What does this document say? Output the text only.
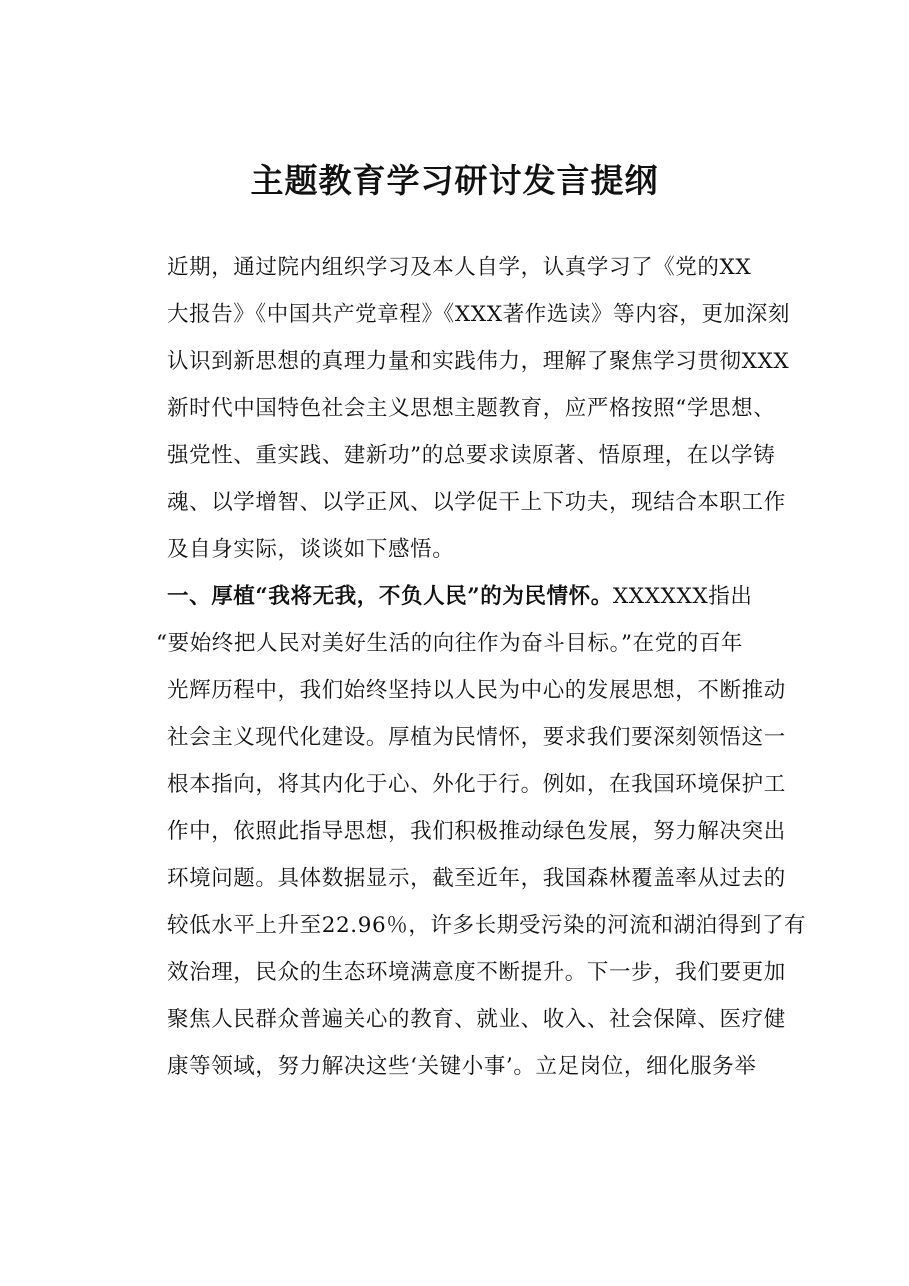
主题教育学习研讨发言提纲
近期，通过院内组织学习及本人自学，认真学习了《党的XX
大报告》《中国共产党章程》《XXX著作选读》等内容，更加深刻
认识到新思想的真理力量和实践伟力，理解了聚焦学习贯彻XXX
新时代中国特色社会主义思想主题教育，应严格按照“学思想、
强党性、重实践、建新功”的总要求读原著、悟原理，在以学铸
魂、以学增智、以学正风、以学促干上下功夫，现结合本职工作
及自身实际，谈谈如下感悟。
一、厚植“我将无我，不负人民”的为民情怀。XXXXXX指出
“要始终把人民对美好生活的向往作为奋斗目标。”在党的百年
光辉历程中，我们始终坚持以人民为中心的发展思想，不断推动
社会主义现代化建设。厚植为民情怀，要求我们要深刻领悟这一
根本指向，将其内化于心、外化于行。例如，在我国环境保护工
作中，依照此指导思想，我们积极推动绿色发展，努力解决突出
环境问题。具体数据显示，截至近年，我国森林覆盖率从过去的
较低水平上升至22.96％，许多长期受污染的河流和湖泊得到了有
效治理，民众的生态环境满意度不断提升。下一步，我们要更加
聚焦人民群众普遍关心的教育、就业、收入、社会保障、医疗健
康等领域，努力解决这些‘关键小事’。立足岗位，细化服务举
